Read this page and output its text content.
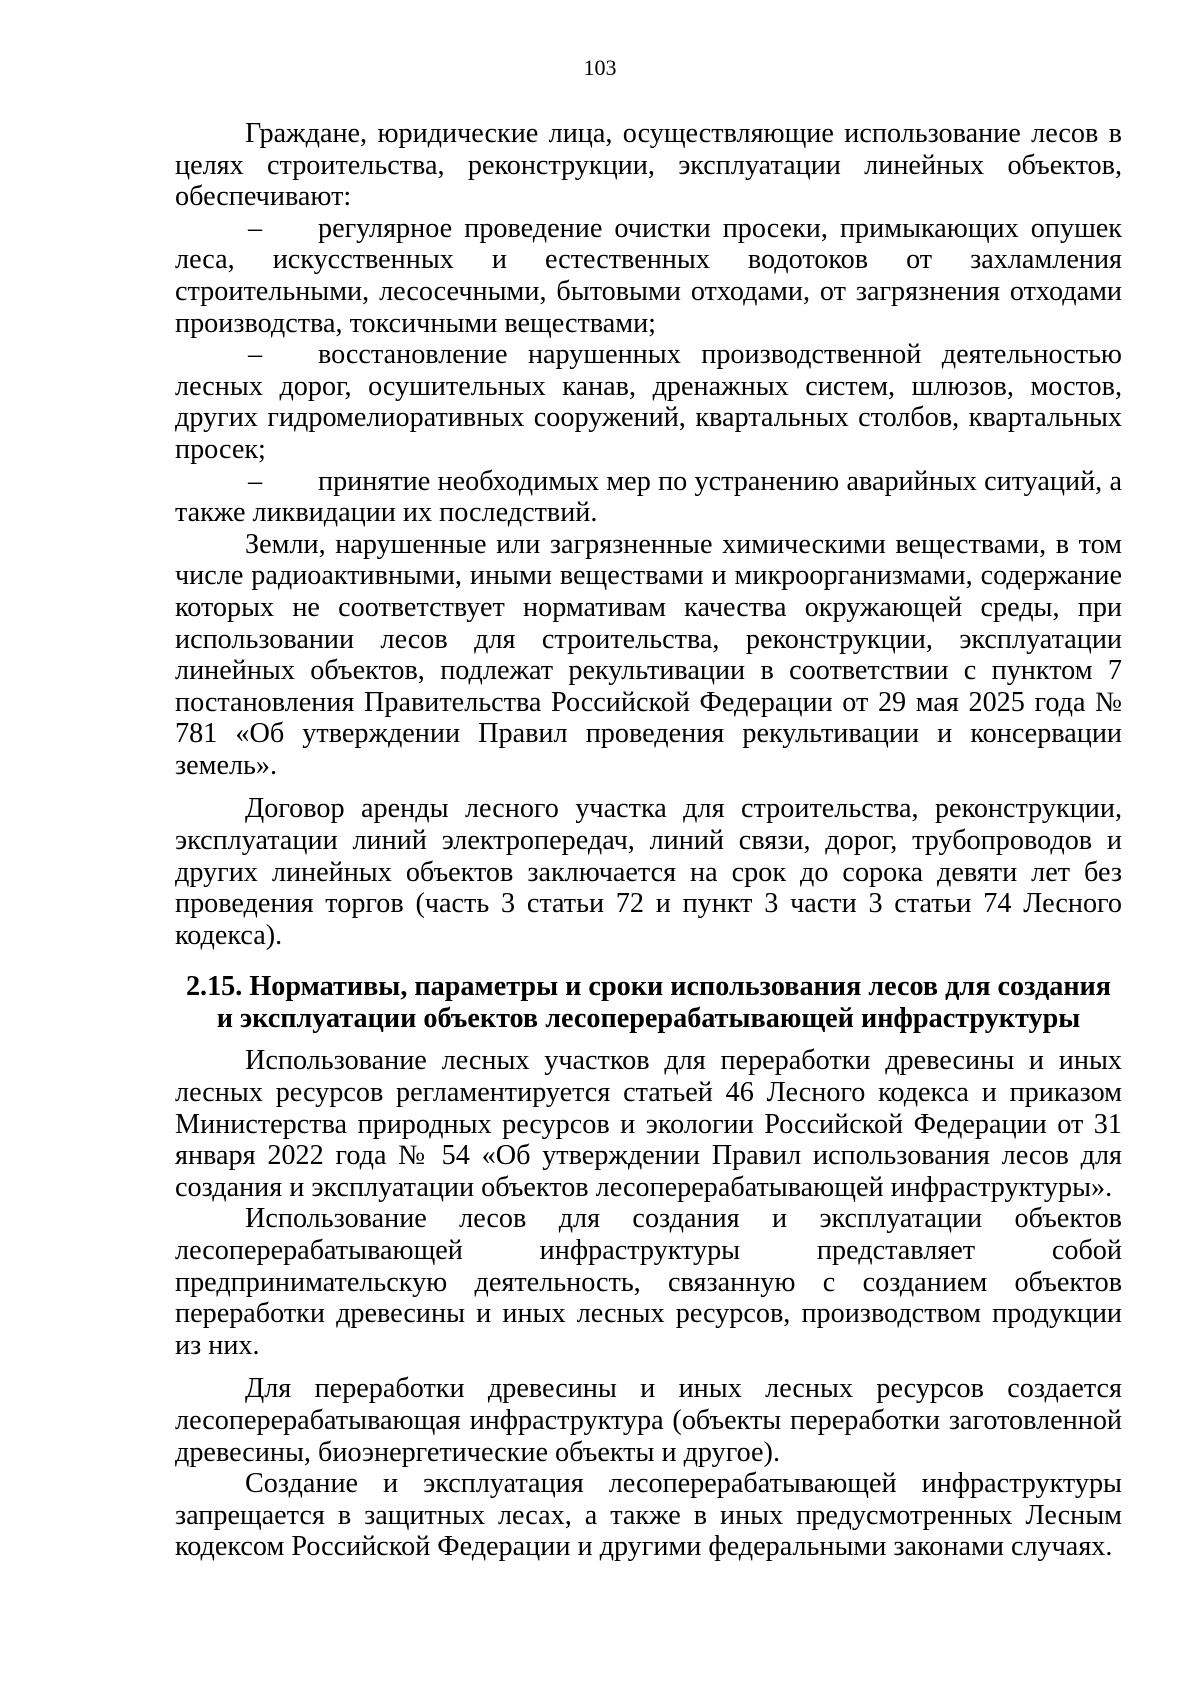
103

Граждане, юридические лица, осуществляющие использование лесов в целях строительства, реконструкции, эксплуатации линейных объектов, обеспечивают:

– регулярное проведение очистки просеки, примыкающих опушек леса, искусственных и естественных водотоков от захламления строительными, лесосечными, бытовыми отходами, от загрязнения отходами производства, токсичными веществами;

– восстановление нарушенных производственной деятельностью лесных дорог, осушительных канав, дренажных систем, шлюзов, мостов, других гидромелиоративных сооружений, квартальных столбов, квартальных просек;

– принятие необходимых мер по устранению аварийных ситуаций, а также ликвидации их последствий.

Земли, нарушенные или загрязненные химическими веществами, в том числе радиоактивными, иными веществами и микроорганизмами, содержание которых не соответствует нормативам качества окружающей среды, при использовании лесов для строительства, реконструкции, эксплуатации линейных объектов, подлежат рекультивации в соответствии с пунктом 7 постановления Правительства Российской Федерации от 29 мая 2025 года № 781 «Об утверждении Правил проведения рекультивации и консервации земель».

Договор аренды лесного участка для строительства, реконструкции, эксплуатации линий электропередач, линий связи, дорог, трубопроводов и других линейных объектов заключается на срок до сорока девяти лет без проведения торгов (часть 3 статьи 72 и пункт 3 части 3 статьи 74 Лесного кодекса).

2.15. Нормативы, параметры и сроки использования лесов для создания
и эксплуатации объектов лесоперерабатывающей инфраструктуры

Использование лесных участков для переработки древесины и иных лесных ресурсов регламентируется статьей 46 Лесного кодекса и приказом Министерства природных ресурсов и экологии Российской Федерации от 31 января 2022 года № 54 «Об утверждении Правил использования лесов для создания и эксплуатации объектов лесоперерабатывающей инфраструктуры».

Использование лесов для создания и эксплуатации объектов лесоперерабатывающей инфраструктуры представляет собой предпринимательскую деятельность, связанную с созданием объектов переработки древесины и иных лесных ресурсов, производством продукции из них.

Для переработки древесины и иных лесных ресурсов создается лесоперерабатывающая инфраструктура (объекты переработки заготовленной древесины, биоэнергетические объекты и другое).

Создание и эксплуатация лесоперерабатывающей инфраструктуры запрещается в защитных лесах, а также в иных предусмотренных Лесным кодексом Российской Федерации и другими федеральными законами случаях.
